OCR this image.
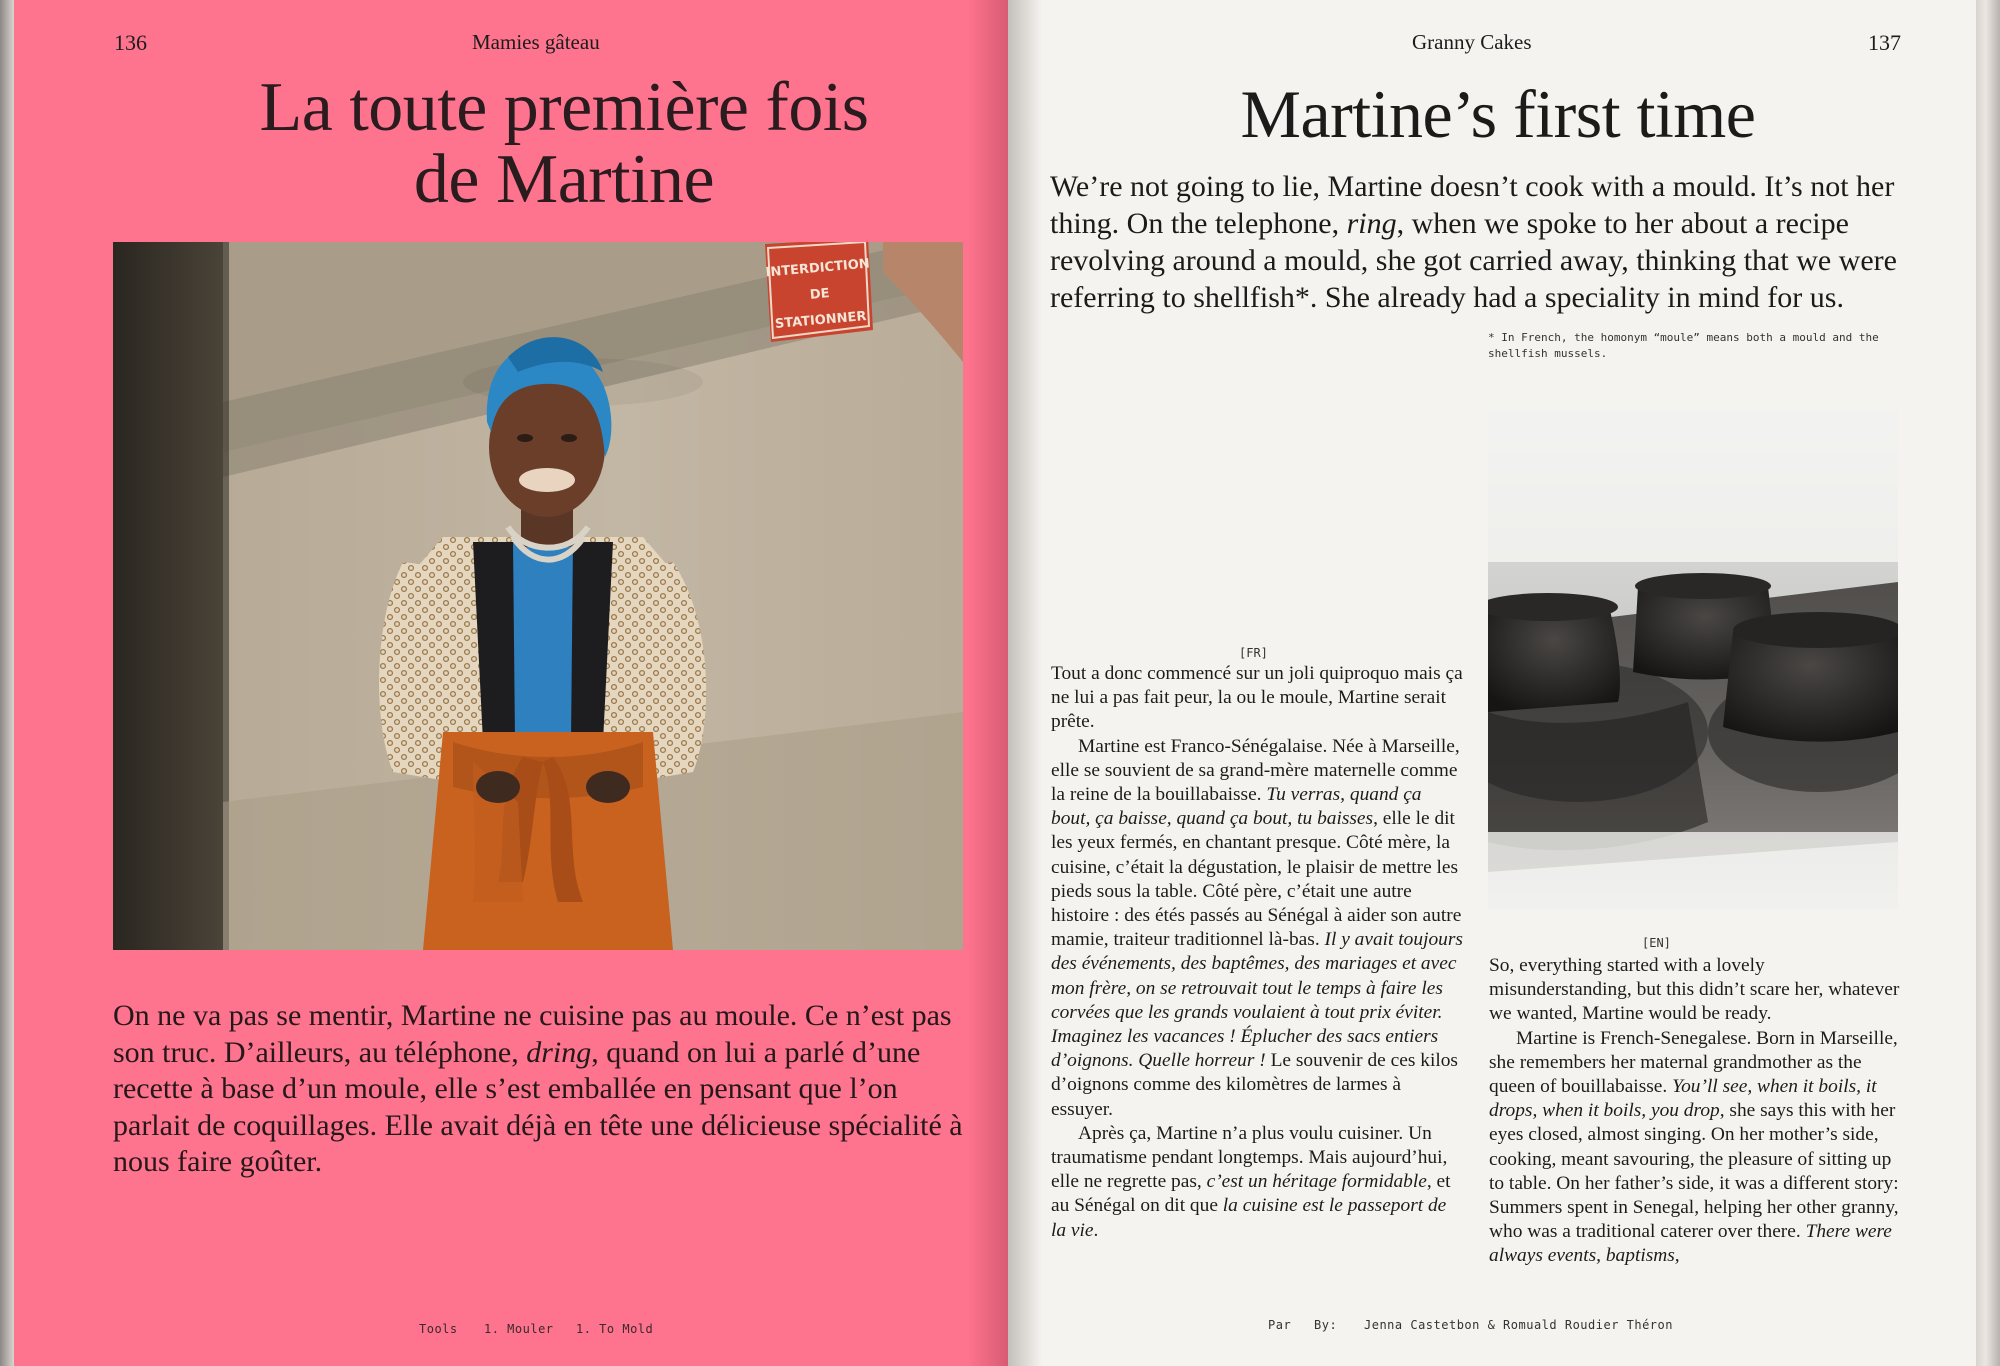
136	Mamies gâteau
La toute première fois
de Martine
INTERDICTION
DE
STATIONNER

On ne va pas se mentir, Martine ne cuisine pas au moule. Ce n’est pas son truc. D’ailleurs, au téléphone, dring, quand on lui a parlé d’une recette à base d’un moule, elle s’est emballée en pensant que l’on parlait de coquillages. Elle avait déjà en tête une délicieuse spécialité à nous faire goûter.

Tools 1. Mouler 1. To Mold
Granny Cakes	137
Martine’s first time

We’re not going to lie, Martine doesn’t cook with a mould. It’s not her thing. On the telephone, ring, when we spoke to her about a recipe revolving around a mould, she got carried away, thinking that we were referring to shellfish*. She already had a speciality in mind for us.

* In French, the homonym “moule” means both a mould and the shellfish mussels.
[FR]

Tout a donc commencé sur un joli quiproquo mais ça ne lui a pas fait peur, la ou le moule, Martine serait prête.

Martine est Franco-Sénégalaise. Née à Marseille, elle se souvient de sa grand-mère maternelle comme la reine de la bouillabaisse. Tu verras, quand ça bout, ça baisse, quand ça bout, tu baisses, elle le dit les yeux fermés, en chantant presque. Côté mère, la cuisine, c’était la dégustation, le plaisir de mettre les pieds sous la table. Côté père, c’était une autre histoire : des étés passés au Sénégal à aider son autre mamie, traiteur traditionnel là-bas. Il y avait toujours des événements, des baptêmes, des mariages et avec mon frère, on se retrouvait tout le temps à faire les corvées que les grands voulaient à tout prix éviter. Imaginez les vacances ! Éplucher des sacs entiers d’oignons. Quelle horreur ! Le souvenir de ces kilos d’oignons comme des kilomètres de larmes à essuyer.

Après ça, Martine n’a plus voulu cuisiner. Un traumatisme pendant longtemps. Mais aujourd’hui, elle ne regrette pas, c’est un héritage formidable, et au Sénégal on dit que la cuisine est le passeport de la vie.

[EN]

So, everything started with a lovely misunderstanding, but this didn’t scare her, whatever we wanted, Martine would be ready.

Martine is French-Senegalese. Born in Marseille, she remembers her maternal grandmother as the queen of bouillabaisse. You’ll see, when it boils, it drops, when it boils, you drop, she says this with her eyes closed, almost singing. On her mother’s side, cooking, meant savouring, the pleasure of sitting up to table. On her father’s side, it was a different story: Summers spent in Senegal, helping her other granny, who was a traditional caterer over there. There were always events, baptisms,

Par By: Jenna Castetbon & Romuald Roudier Théron
